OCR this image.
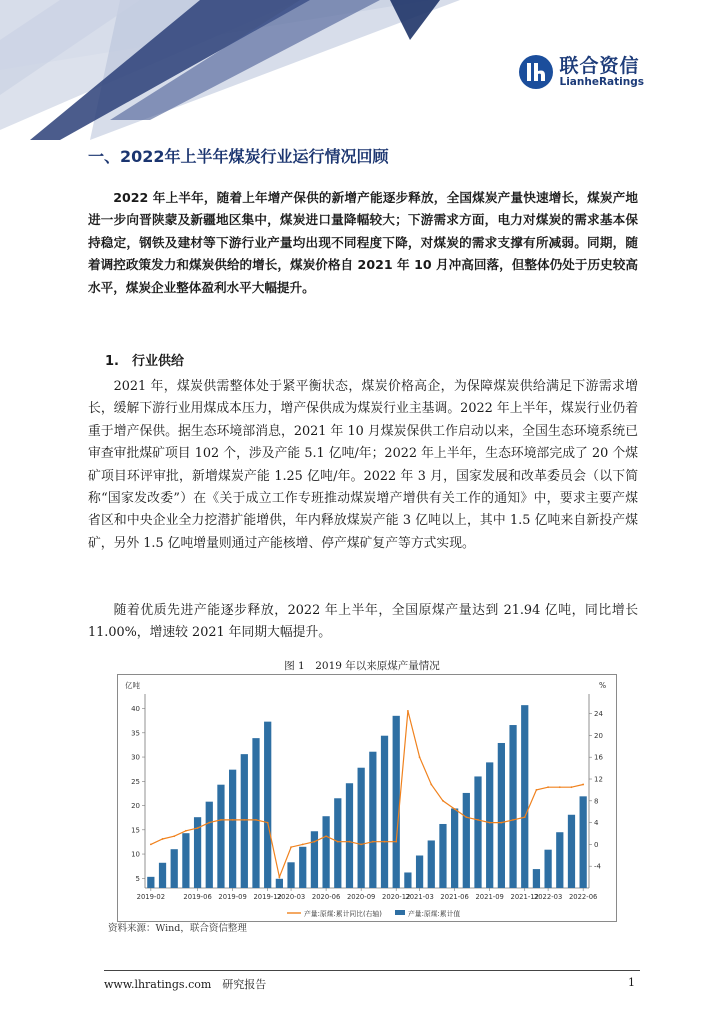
联合资信
LianheRatings
一、2022年上半年煤炭行业运行情况回顾
2022 年上半年，随着上年增产保供的新增产能逐步释放，全国煤炭产量快速增长，煤炭产地进一步向晋陕蒙及新疆地区集中，煤炭进口量降幅较大；下游需求方面，电力对煤炭的需求基本保持稳定，钢铁及建材等下游行业产量均出现不同程度下降，对煤炭的需求支撑有所减弱。同期，随着调控政策发力和煤炭供给的增长，煤炭价格自 2021 年 10 月冲高回落，但整体仍处于历史较高水平，煤炭企业整体盈利水平大幅提升。
1.　行业供给
2021 年，煤炭供需整体处于紧平衡状态，煤炭价格高企，为保障煤炭供给满足下游需求增长，缓解下游行业用煤成本压力，增产保供成为煤炭行业主基调。2022 年上半年，煤炭行业仍着重于增产保供。据生态环境部消息，2021 年 10 月煤炭保供工作启动以来，全国生态环境系统已审查审批煤矿项目 102 个，涉及产能 5.1 亿吨/年；2022 年上半年，生态环境部完成了 20 个煤矿项目环评审批，新增煤炭产能 1.25 亿吨/年。2022 年 3 月，国家发展和改革委员会（以下简称“国家发改委”）在《关于成立工作专班推动煤炭增产增供有关工作的通知》中，要求主要产煤省区和中央企业全力挖潜扩能增供，年内释放煤炭产能 3 亿吨以上，其中 1.5 亿吨来自新投产煤矿，另外 1.5 亿吨增量则通过产能核增、停产煤矿复产等方式实现。
随着优质先进产能逐步释放，2022 年上半年，全国原煤产量达到 21.94 亿吨，同比增长 11.00%，增速较 2021 年同期大幅提升。
图 1　2019 年以来原煤产量情况
亿吨	%
5
10
15
20
25
30
35
40
-4
0
4
8
12
16
20
24
2019-02	2019-06 2019-09 2019-12
2020-03 2020-06 2020-09 2020-12
2021-03 2021-06 2021-09 2021-12
2022-03 2022-06
产量:原煤:累计同比(右轴)	产量:原煤:累计值
资料来源：Wind，联合资信整理
www.lhratings.com　 研究报告	1
